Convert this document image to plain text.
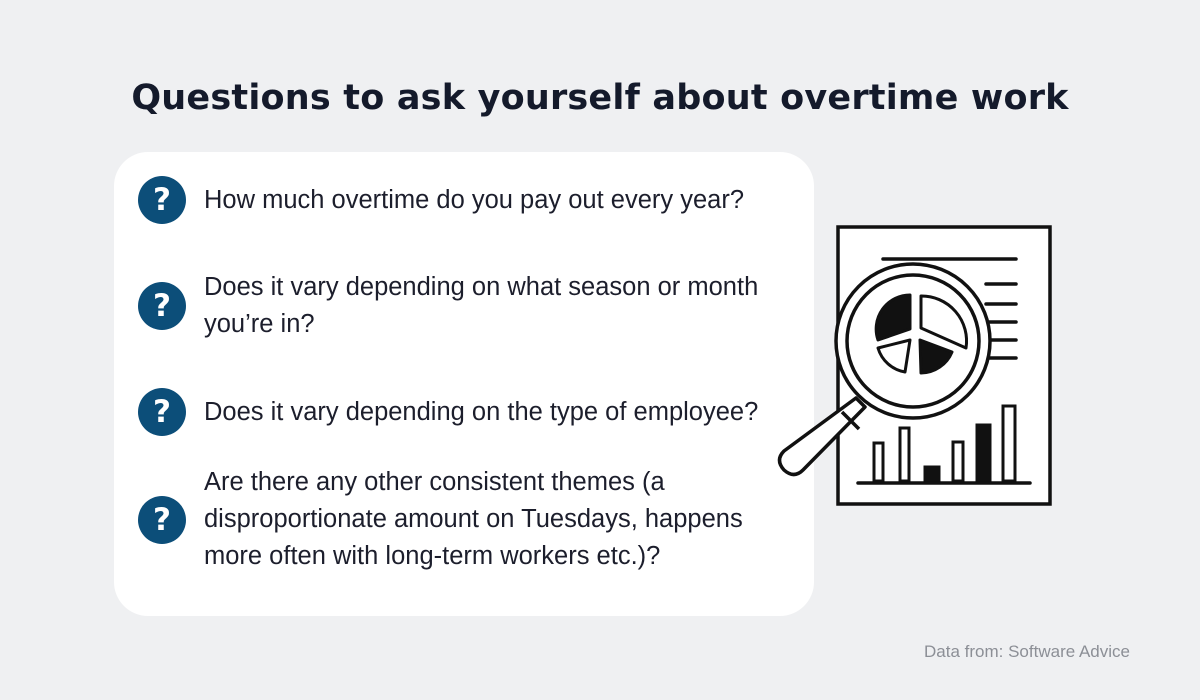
Questions to ask yourself about overtime work
?	How much overtime do you pay out every year?
?
Does it vary depending on what season or month you’re in?
?	Does it vary depending on the type of employee?
?
Are there any other consistent themes (a disproportionate amount on Tuesdays, happens more often with long-term workers etc.)?
Data from: Software Advice
